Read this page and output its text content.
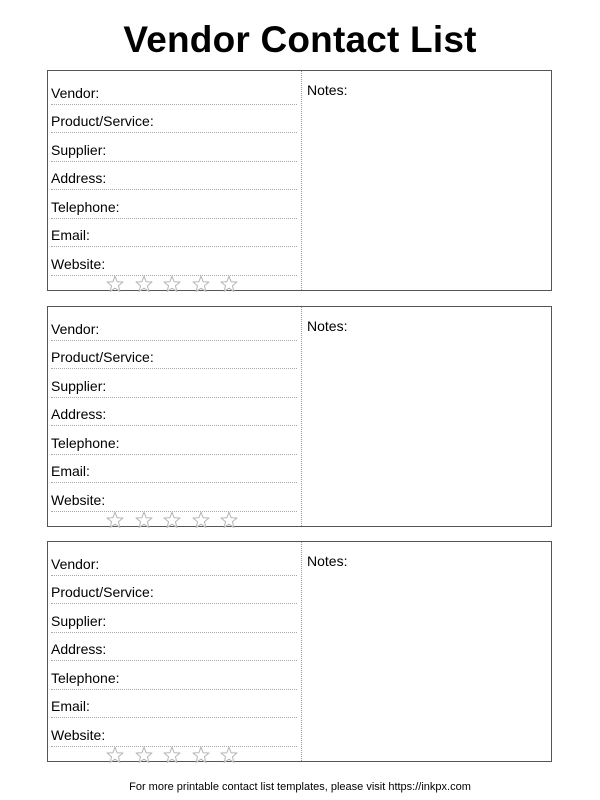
Vendor Contact List
Vendor:
Product/Service:
Supplier:
Address:
Telephone:
Email:
Website:
Notes:
Vendor:
Product/Service:
Supplier:
Address:
Telephone:
Email:
Website:
Notes:
Vendor:
Product/Service:
Supplier:
Address:
Telephone:
Email:
Website:
Notes:
For more printable contact list templates, please visit https://inkpx.com
